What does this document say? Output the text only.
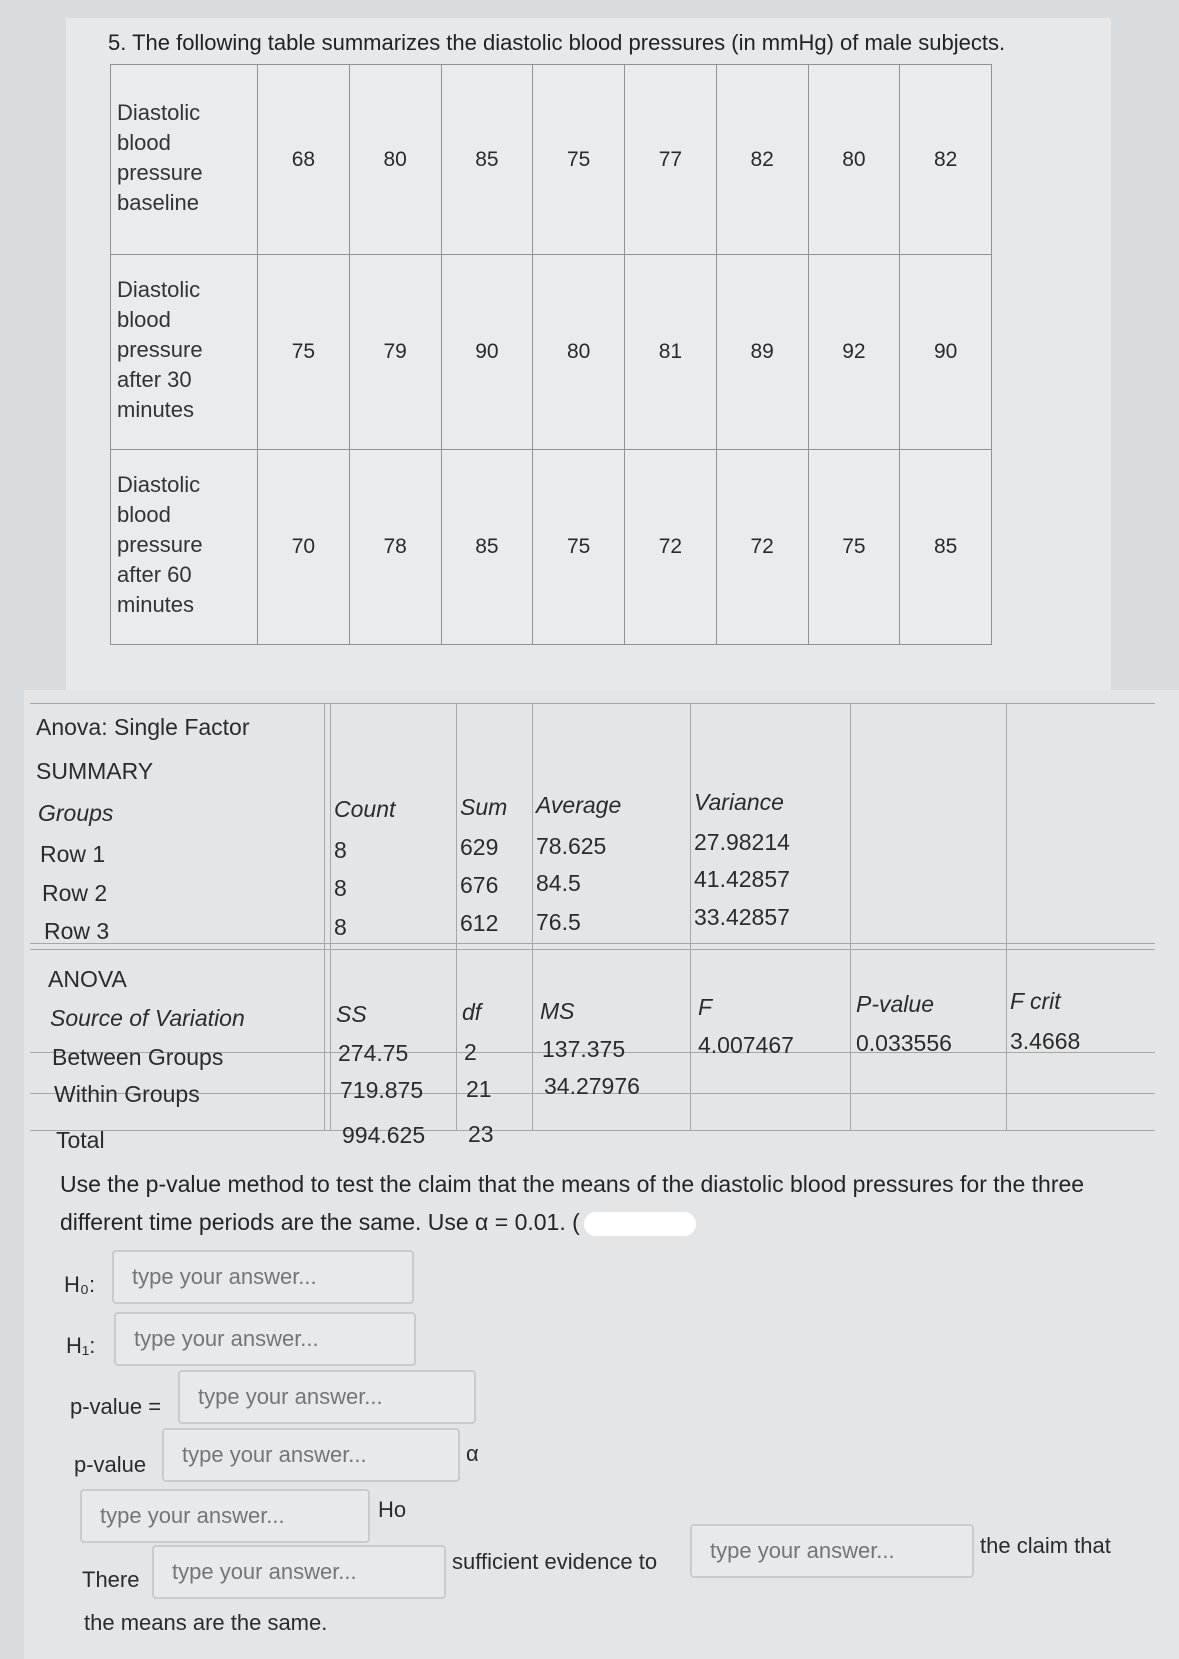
5. The following table summarizes the diastolic blood pressures (in mmHg) of male subjects.
Diastolic blood pressure baseline	68	80	85	75	77	82	80	82
Diastolic blood pressure after 30 minutes	75	79	90	80	81	89	92	90
Diastolic blood pressure after 60 minutes	70	78	85	75	72	72	75	85
Anova: Single Factor
SUMMARY
Groups	Count	Sum Average	Variance
Row 1	8	629 78.625	27.98214
Row 2	8	676 84.5	41.42857
Row 3	8	612 76.5	33.42857
ANOVA
Source of Variation	SS	df	MS	F	P-value	F crit
Between Groups	274.75 2	137.375	4.007467	0.033556	3.4668
Within Groups	719.875 21 34.27976
Total	994.625 23
Use the p-value method to test the claim that the means of the diastolic blood pressures for the three different time periods are the same. Use α = 0.01. (
H₀:
type your answer...
H₁:
type your answer...
p-value =
type your answer...
p-value
type your answer...	α
type your answer...
Ho
There
type your answer...
sufficient evidence to
type your answer...
the claim that
the means are the same.
